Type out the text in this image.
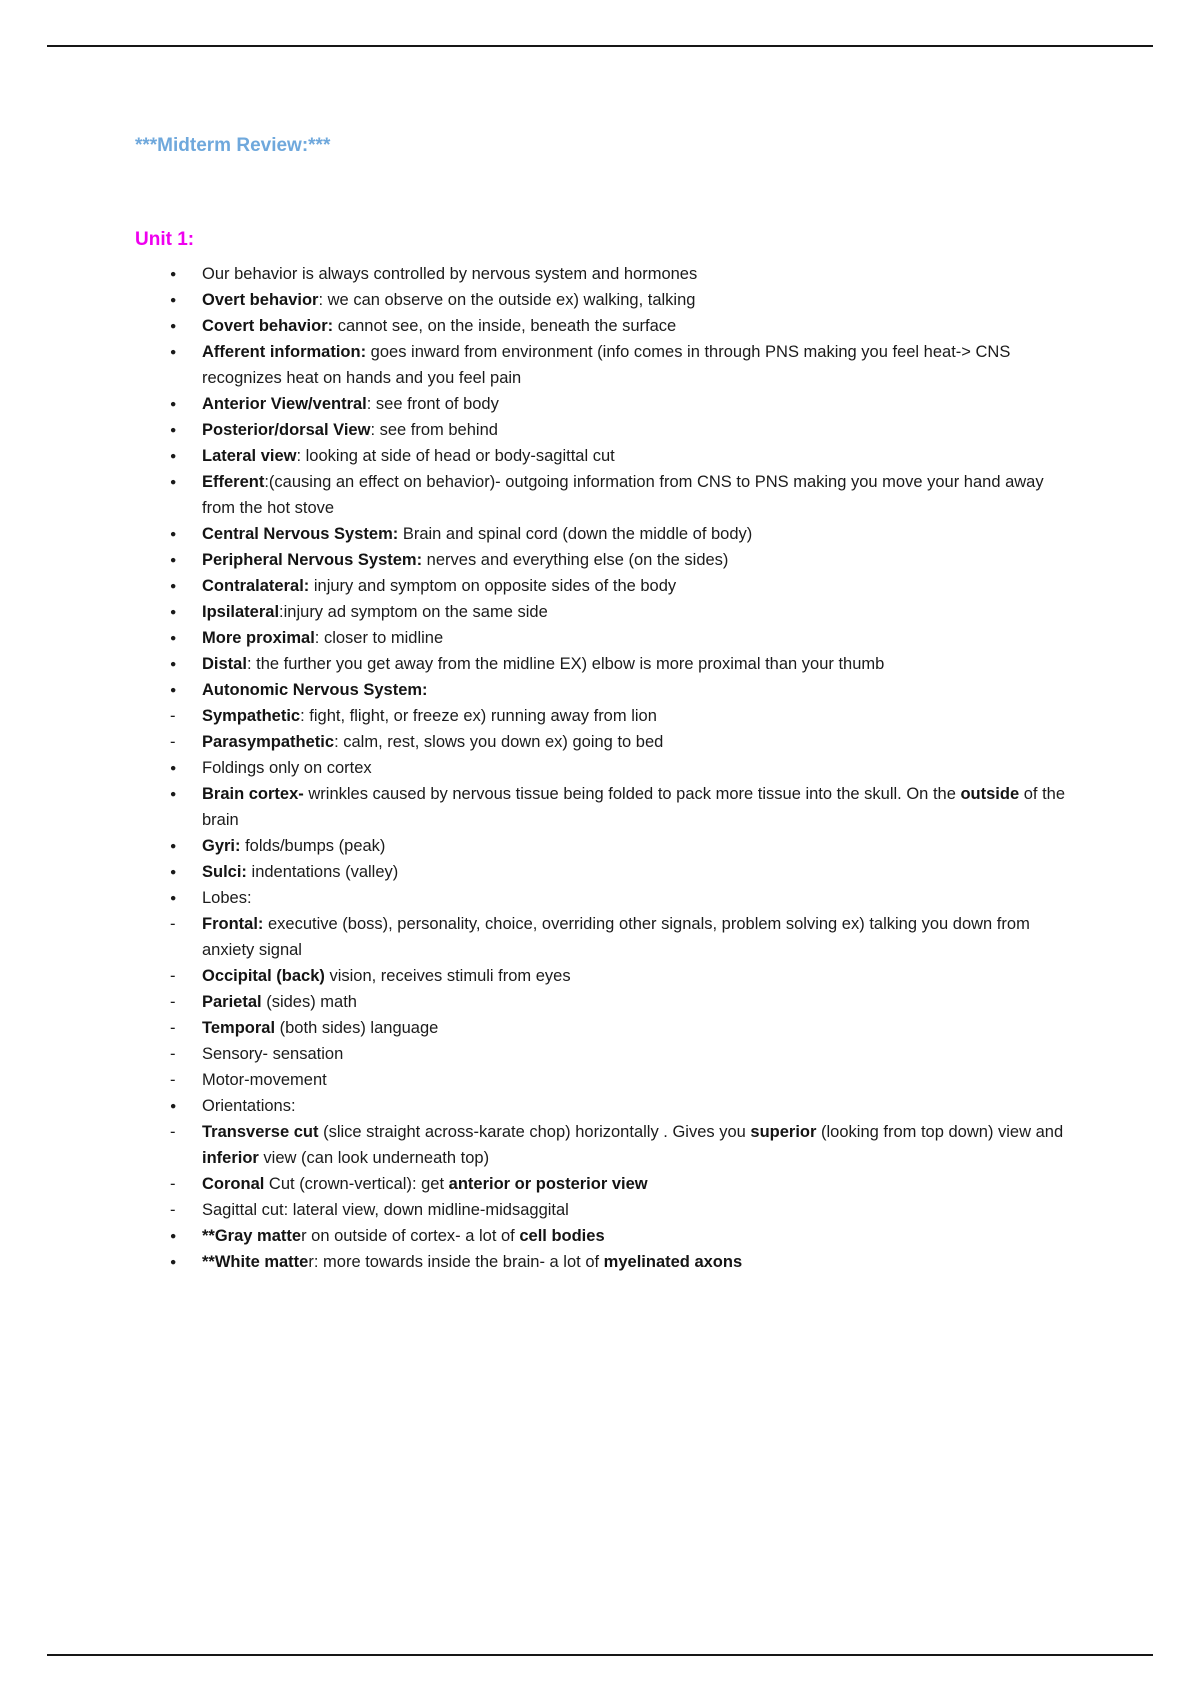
***Midterm Review:***
Unit 1:
●	Our behavior is always controlled by nervous system and hormones
●	Overt behavior: we can observe on the outside ex) walking, talking
●	Covert behavior: cannot see, on the inside, beneath the surface
●	Afferent information: goes inward from environment (info comes in through PNS making you feel heat-> CNS recognizes heat on hands and you feel pain
●	Anterior View/ventral: see front of body
●	Posterior/dorsal View: see from behind
●	Lateral view: looking at side of head or body-sagittal cut
●	Efferent:(causing an effect on behavior)- outgoing information from CNS to PNS making you move your hand away from the hot stove
●	Central Nervous System: Brain and spinal cord (down the middle of body)
●	Peripheral Nervous System: nerves and everything else (on the sides)
●	Contralateral: injury and symptom on opposite sides of the body
●	Ipsilateral:injury ad symptom on the same side
●	More proximal: closer to midline
●	Distal: the further you get away from the midline EX) elbow is more proximal than your thumb
●	Autonomic Nervous System:
-	Sympathetic: fight, flight, or freeze ex) running away from lion
-	Parasympathetic: calm, rest, slows you down ex) going to bed
●	Foldings only on cortex
●	Brain cortex- wrinkles caused by nervous tissue being folded to pack more tissue into the skull. On the outside of the brain
●	Gyri: folds/bumps (peak)
●	Sulci: indentations (valley)
●	Lobes:
-	Frontal: executive (boss), personality, choice, overriding other signals, problem solving ex) talking you down from anxiety signal
-	Occipital (back) vision, receives stimuli from eyes
-	Parietal (sides) math
-	Temporal (both sides) language
-	Sensory- sensation
-	Motor-movement
●	Orientations:
-	Transverse cut (slice straight across-karate chop) horizontally . Gives you superior (looking from top down) view and inferior view (can look underneath top)
-	Coronal Cut (crown-vertical): get anterior or posterior view
-	Sagittal cut: lateral view, down midline-midsaggital
●	**Gray matter on outside of cortex- a lot of cell bodies
●	**White matter: more towards inside the brain- a lot of myelinated axons
